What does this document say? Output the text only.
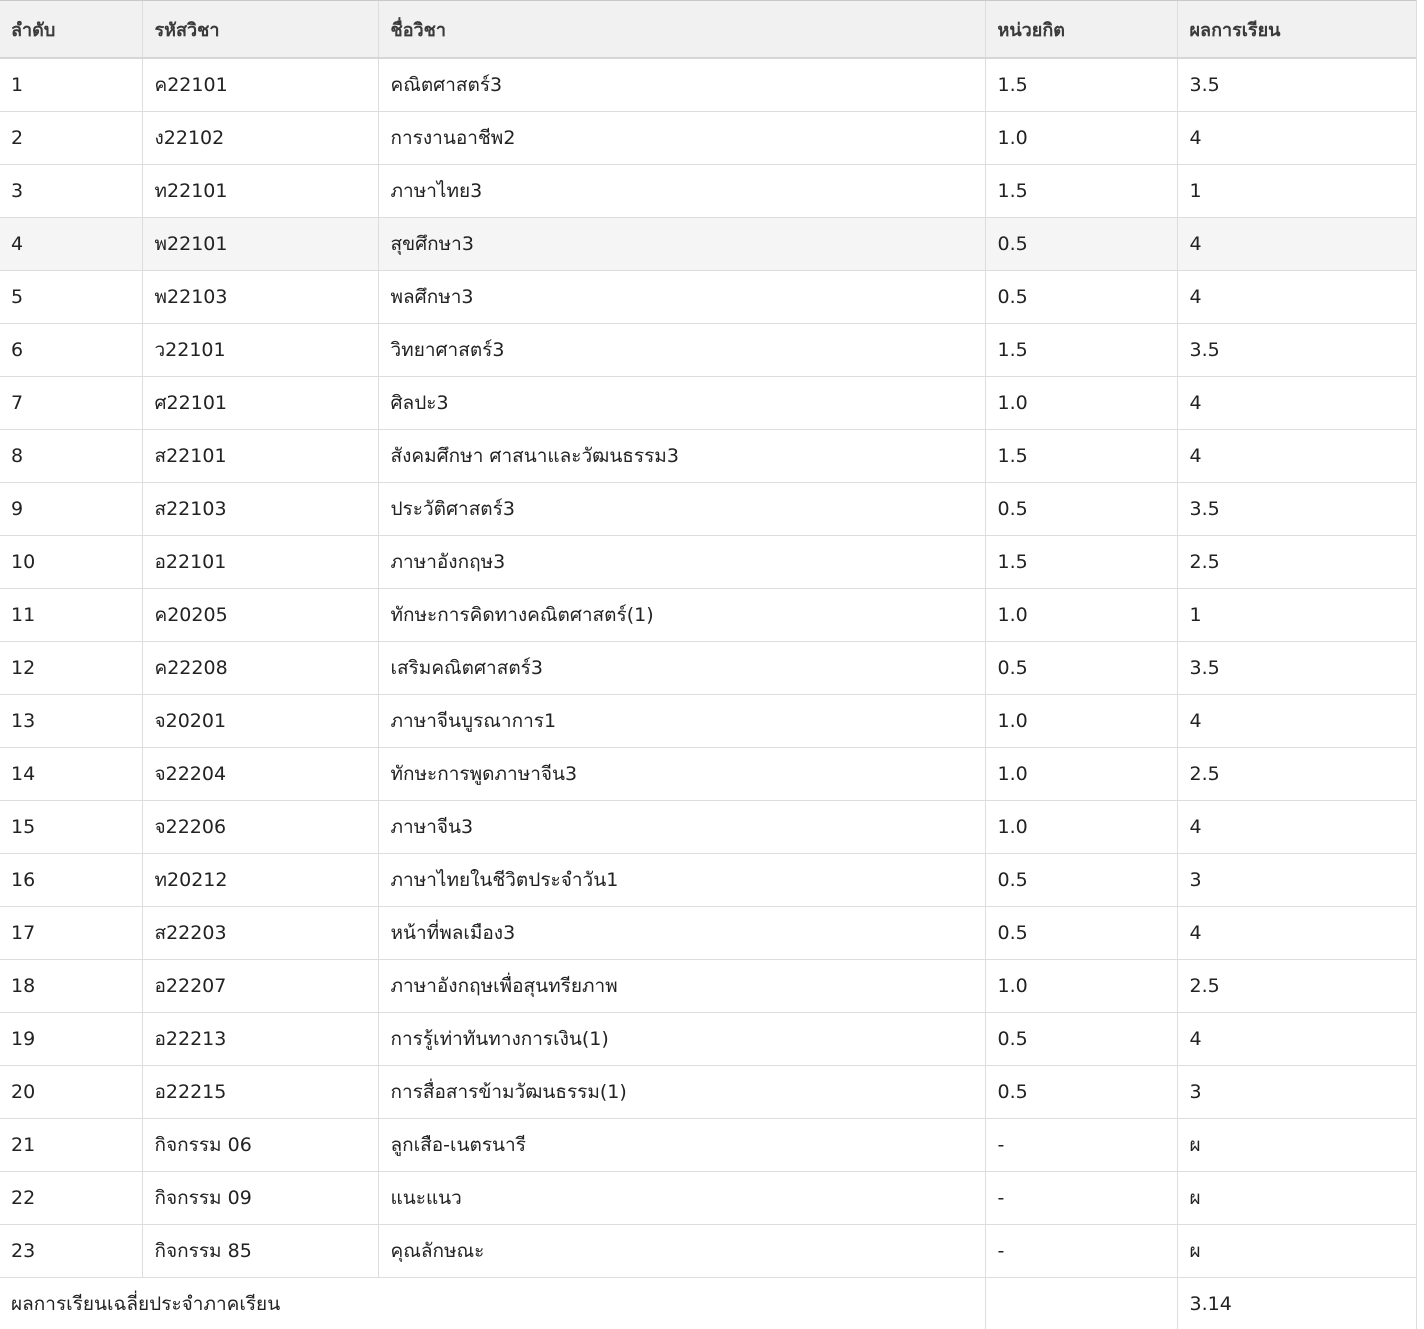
ลำดับ	รหัสวิชา	ชื่อวิชา	หน่วยกิต	ผลการเรียน
1	ค22101	คณิตศาสตร์3	1.5	3.5
2	ง22102	การงานอาชีพ2	1.0	4
3	ท22101	ภาษาไทย3	1.5	1
4	พ22101	สุขศึกษา3	0.5	4
5	พ22103	พลศึกษา3	0.5	4
6	ว22101	วิทยาศาสตร์3	1.5	3.5
7	ศ22101	ศิลปะ3	1.0	4
8	ส22101	สังคมศึกษา ศาสนาและวัฒนธรรม3	1.5	4
9	ส22103	ประวัติศาสตร์3	0.5	3.5
10	อ22101	ภาษาอังกฤษ3	1.5	2.5
11	ค20205	ทักษะการคิดทางคณิตศาสตร์(1)	1.0	1
12	ค22208	เสริมคณิตศาสตร์3	0.5	3.5
13	จ20201	ภาษาจีนบูรณาการ1	1.0	4
14	จ22204	ทักษะการพูดภาษาจีน3	1.0	2.5
15	จ22206	ภาษาจีน3	1.0	4
16	ท20212	ภาษาไทยในชีวิตประจำวัน1	0.5	3
17	ส22203	หน้าที่พลเมือง3	0.5	4
18	อ22207	ภาษาอังกฤษเพื่อสุนทรียภาพ	1.0	2.5
19	อ22213	การรู้เท่าทันทางการเงิน(1)	0.5	4
20	อ22215	การสื่อสารข้ามวัฒนธรรม(1)	0.5	3
21	กิจกรรม 06	ลูกเสือ-เนตรนารี	-	ผ
22	กิจกรรม 09	แนะแนว	-	ผ
23	กิจกรรม 85	คุณลักษณะ	-	ผ
ผลการเรียนเฉลี่ยประจำภาคเรียน				3.14
